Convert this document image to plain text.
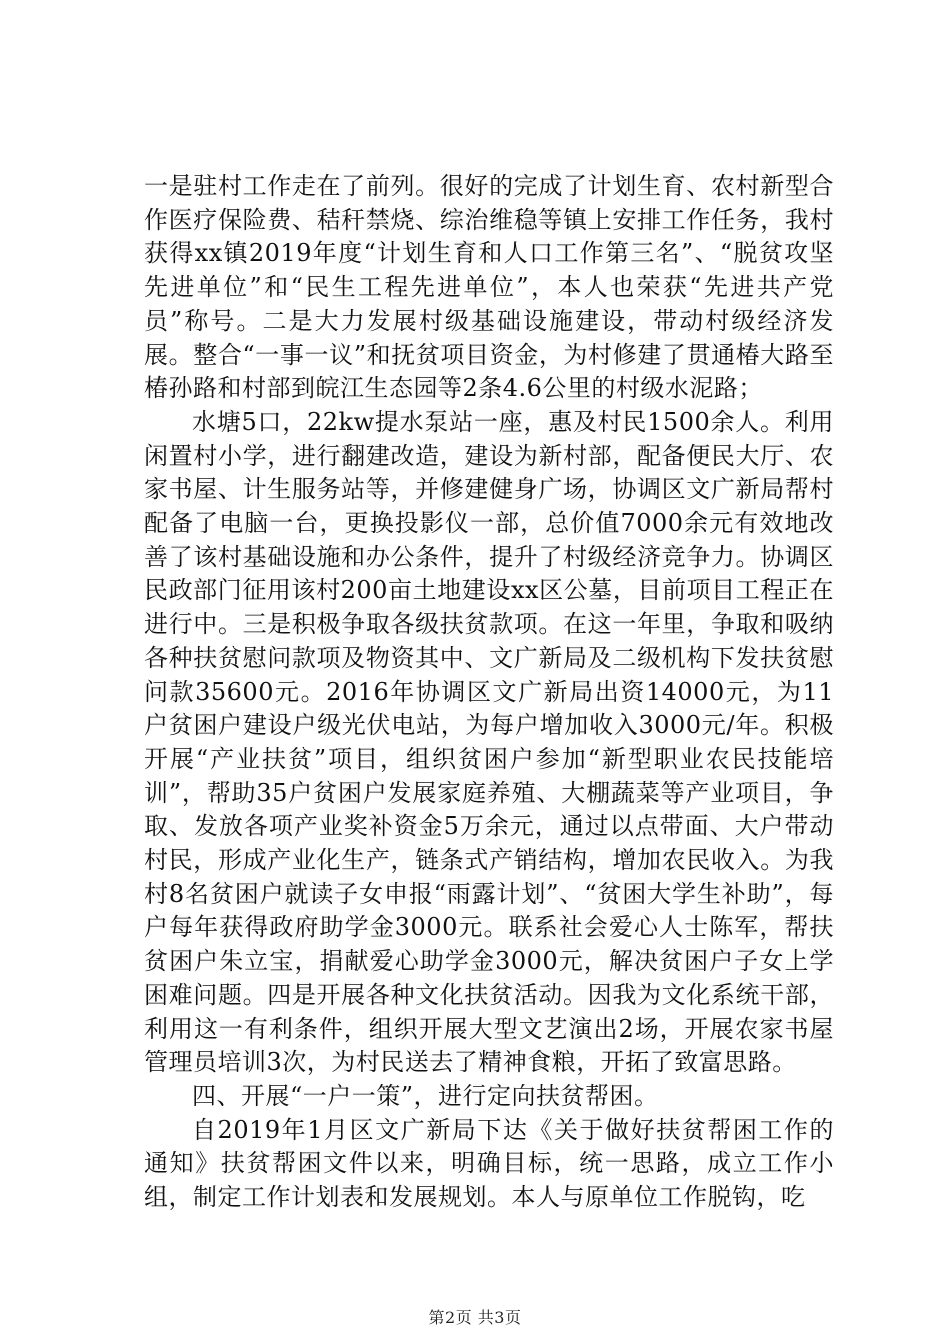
一是驻村工作走在了前列。很好的完成了计划生育、农村新型合作医疗保险费、秸秆禁烧、综治维稳等镇上安排工作任务，我村获得xx镇2019年度“计划生育和人口工作第三名”、“脱贫攻坚先进单位”和“民生工程先进单位”，本人也荣获“先进共产党员”称号。二是大力发展村级基础设施建设，带动村级经济发展。整合“一事一议”和抚贫项目资金，为村修建了贯通椿大路至椿孙路和村部到皖江生态园等2条4.6公里的村级水泥路；

水塘5口，22kw提水泵站一座，惠及村民1500余人。利用闲置村小学，进行翻建改造，建设为新村部，配备便民大厅、农家书屋、计生服务站等，并修建健身广场，协调区文广新局帮村配备了电脑一台，更换投影仪一部，总价值7000余元有效地改善了该村基础设施和办公条件，提升了村级经济竞争力。协调区民政部门征用该村200亩土地建设xx区公墓，目前项目工程正在进行中。三是积极争取各级扶贫款项。在这一年里，争取和吸纳各种扶贫慰问款项及物资其中、文广新局及二级机构下发扶贫慰问款35600元。2016年协调区文广新局出资14000元，为11户贫困户建设户级光伏电站，为每户增加收入3000元/年。积极开展“产业扶贫”项目，组织贫困户参加“新型职业农民技能培训”，帮助35户贫困户发展家庭养殖、大棚蔬菜等产业项目，争取、发放各项产业奖补资金5万余元，通过以点带面、大户带动村民，形成产业化生产，链条式产销结构，增加农民收入。为我村8名贫困户就读子女申报“雨露计划”、“贫困大学生补助”，每户每年获得政府助学金3000元。联系社会爱心人士陈军，帮扶贫困户朱立宝，捐献爱心助学金3000元，解决贫困户子女上学困难问题。四是开展各种文化扶贫活动。因我为文化系统干部，利用这一有利条件，组织开展大型文艺演出2场，开展农家书屋管理员培训3次，为村民送去了精神食粮，开拓了致富思路。

四、开展“一户一策”，进行定向扶贫帮困。

自2019年1月区文广新局下达《关于做好扶贫帮困工作的通知》扶贫帮困文件以来，明确目标，统一思路，成立工作小组，制定工作计划表和发展规划。本人与原单位工作脱钩，吃

第2页 共3页
